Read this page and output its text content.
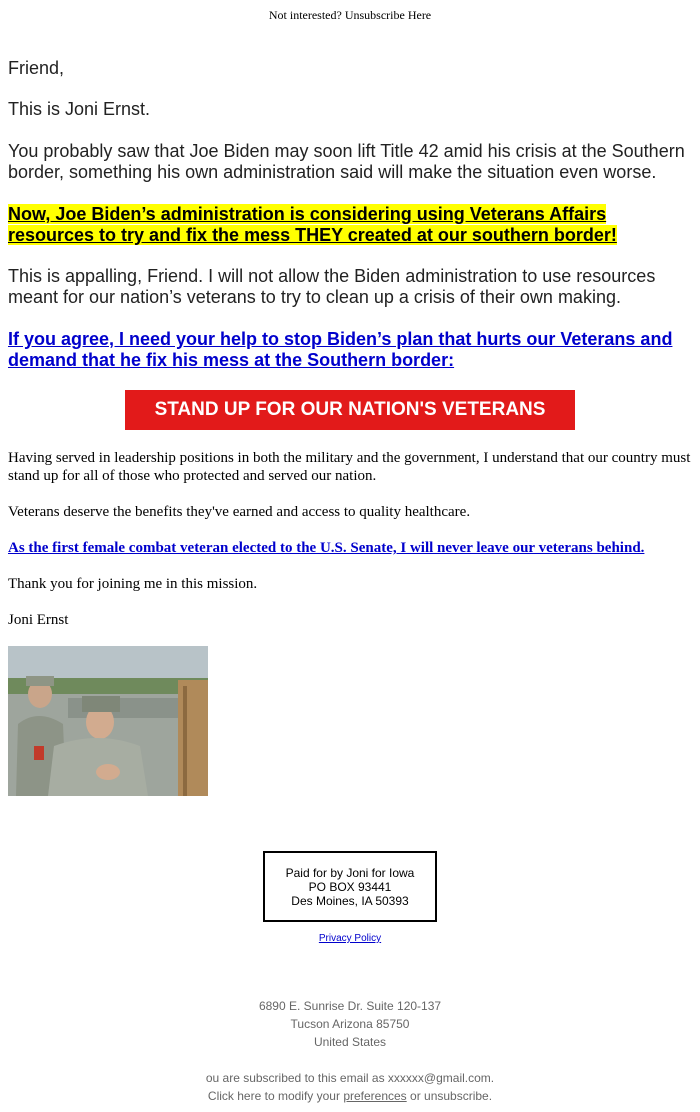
Not interested? Unsubscribe Here

Friend,

This is Joni Ernst.

You probably saw that Joe Biden may soon lift Title 42 amid his crisis at the Southern border, something his own administration said will make the situation even worse.

Now, Joe Biden’s administration is considering using Veterans Affairs resources to try and fix the mess THEY created at our southern border!

This is appalling, Friend. I will not allow the Biden administration to use resources meant for our nation’s veterans to try to clean up a crisis of their own making.

If you agree, I need your help to stop Biden’s plan that hurts our Veterans and demand that he fix his mess at the Southern border:

STAND UP FOR OUR NATION'S VETERANS

Having served in leadership positions in both the military and the government, I understand that our country must stand up for all of those who protected and served our nation.

Veterans deserve the benefits they've earned and access to quality healthcare.

As the first female combat veteran elected to the U.S. Senate, I will never leave our veterans behind.

Thank you for joining me in this mission.

Joni Ernst

Paid for by Joni for Iowa
PO BOX 93441
Des Moines, IA 50393
Privacy Policy
6890 E. Sunrise Dr. Suite 120-137
Tucson Arizona 85750
United States
ou are subscribed to this email as xxxxxx@gmail.com.
Click here to modify your preferences or unsubscribe.
